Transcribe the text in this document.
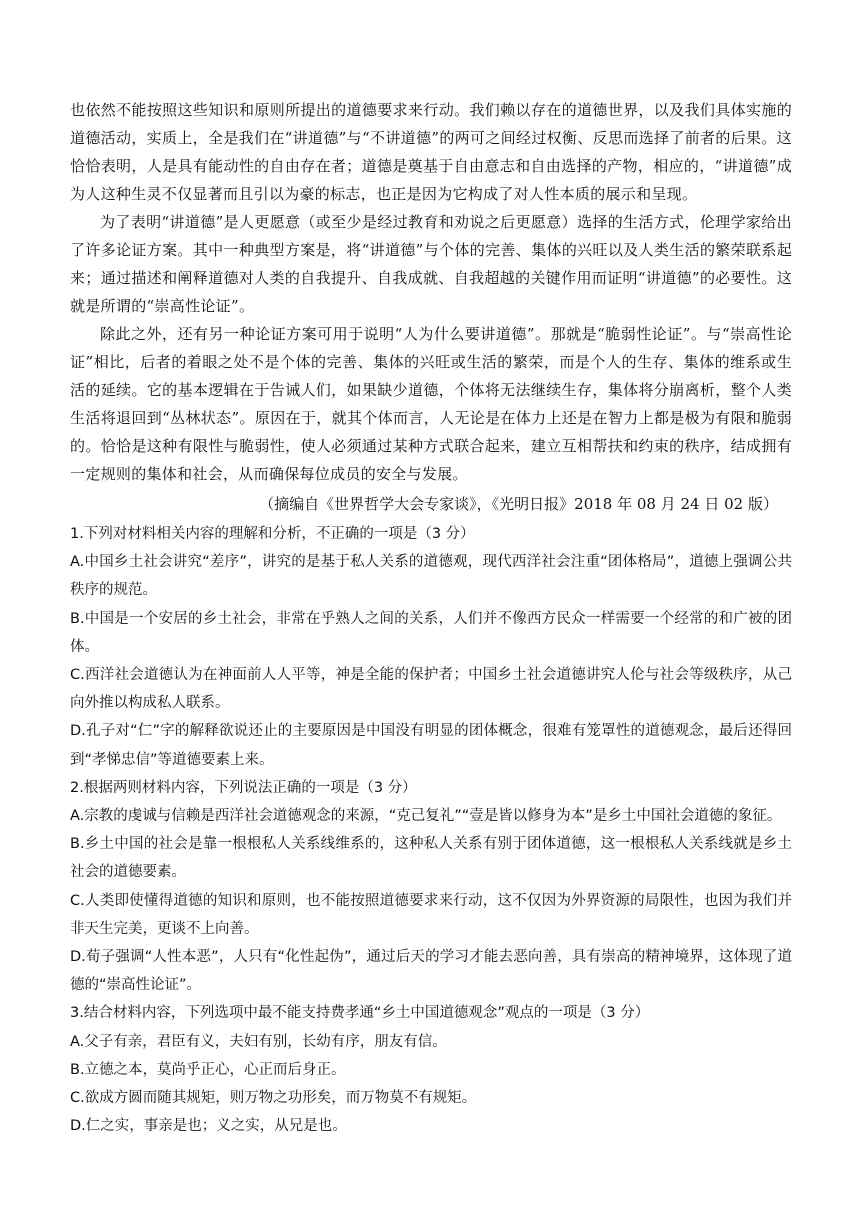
也依然不能按照这些知识和原则所提出的道德要求来行动。我们赖以存在的道德世界，以及我们具体实施的道德活动，实质上，全是我们在“讲道德”与“不讲道德”的两可之间经过权衡、反思而选择了前者的后果。这恰恰表明，人是具有能动性的自由存在者；道德是奠基于自由意志和自由选择的产物，相应的，“讲道德”成为人这种生灵不仅显著而且引以为豪的标志，也正是因为它构成了对人性本质的展示和呈现。

为了表明“讲道德”是人更愿意（或至少是经过教育和劝说之后更愿意）选择的生活方式，伦理学家给出了许多论证方案。其中一种典型方案是，将“讲道德”与个体的完善、集体的兴旺以及人类生活的繁荣联系起来；通过描述和阐释道德对人类的自我提升、自我成就、自我超越的关键作用而证明“讲道德”的必要性。这就是所谓的“崇高性论证”。

除此之外，还有另一种论证方案可用于说明“人为什么要讲道德”。那就是“脆弱性论证”。与“崇高性论证”相比，后者的着眼之处不是个体的完善、集体的兴旺或生活的繁荣，而是个人的生存、集体的维系或生活的延续。它的基本逻辑在于告诫人们，如果缺少道德，个体将无法继续生存，集体将分崩离析，整个人类生活将退回到“丛林状态”。原因在于，就其个体而言，人无论是在体力上还是在智力上都是极为有限和脆弱的。恰恰是这种有限性与脆弱性，使人必须通过某种方式联合起来，建立互相帮扶和约束的秩序，结成拥有一定规则的集体和社会，从而确保每位成员的安全与发展。

（摘编自《世界哲学大会专家谈》，《光明日报》2018 年 08 月 24 日 02 版）

1.下列对材料相关内容的理解和分析，不正确的一项是（3 分）

A.中国乡土社会讲究“差序”，讲究的是基于私人关系的道德观，现代西洋社会注重“团体格局”，道德上强调公共秩序的规范。

B.中国是一个安居的乡土社会，非常在乎熟人之间的关系，人们并不像西方民众一样需要一个经常的和广被的团体。

C.西洋社会道德认为在神面前人人平等，神是全能的保护者；中国乡土社会道德讲究人伦与社会等级秩序，从己向外推以构成私人联系。

D.孔子对“仁”字的解释欲说还止的主要原因是中国没有明显的团体概念，很难有笼罩性的道德观念，最后还得回到“孝悌忠信”等道德要素上来。

2.根据两则材料内容，下列说法正确的一项是（3 分）

A.宗教的虔诚与信赖是西洋社会道德观念的来源，“克己复礼”“壹是皆以修身为本”是乡土中国社会道德的象征。

B.乡土中国的社会是靠一根根私人关系线维系的，这种私人关系有别于团体道德，这一根根私人关系线就是乡土社会的道德要素。

C.人类即使懂得道德的知识和原则，也不能按照道德要求来行动，这不仅因为外界资源的局限性，也因为我们并非天生完美，更谈不上向善。

D.荀子强调“人性本恶”，人只有“化性起伪”，通过后天的学习才能去恶向善，具有崇高的精神境界，这体现了道德的“崇高性论证”。

3.结合材料内容，下列选项中最不能支持费孝通“乡土中国道德观念”观点的一项是（3 分）

A.父子有亲，君臣有义，夫妇有别，长幼有序，朋友有信。

B.立德之本，莫尚乎正心，心正而后身正。

C.欲成方圆而随其规矩，则万物之功形矣，而万物莫不有规矩。

D.仁之实，事亲是也；义之实，从兄是也。
